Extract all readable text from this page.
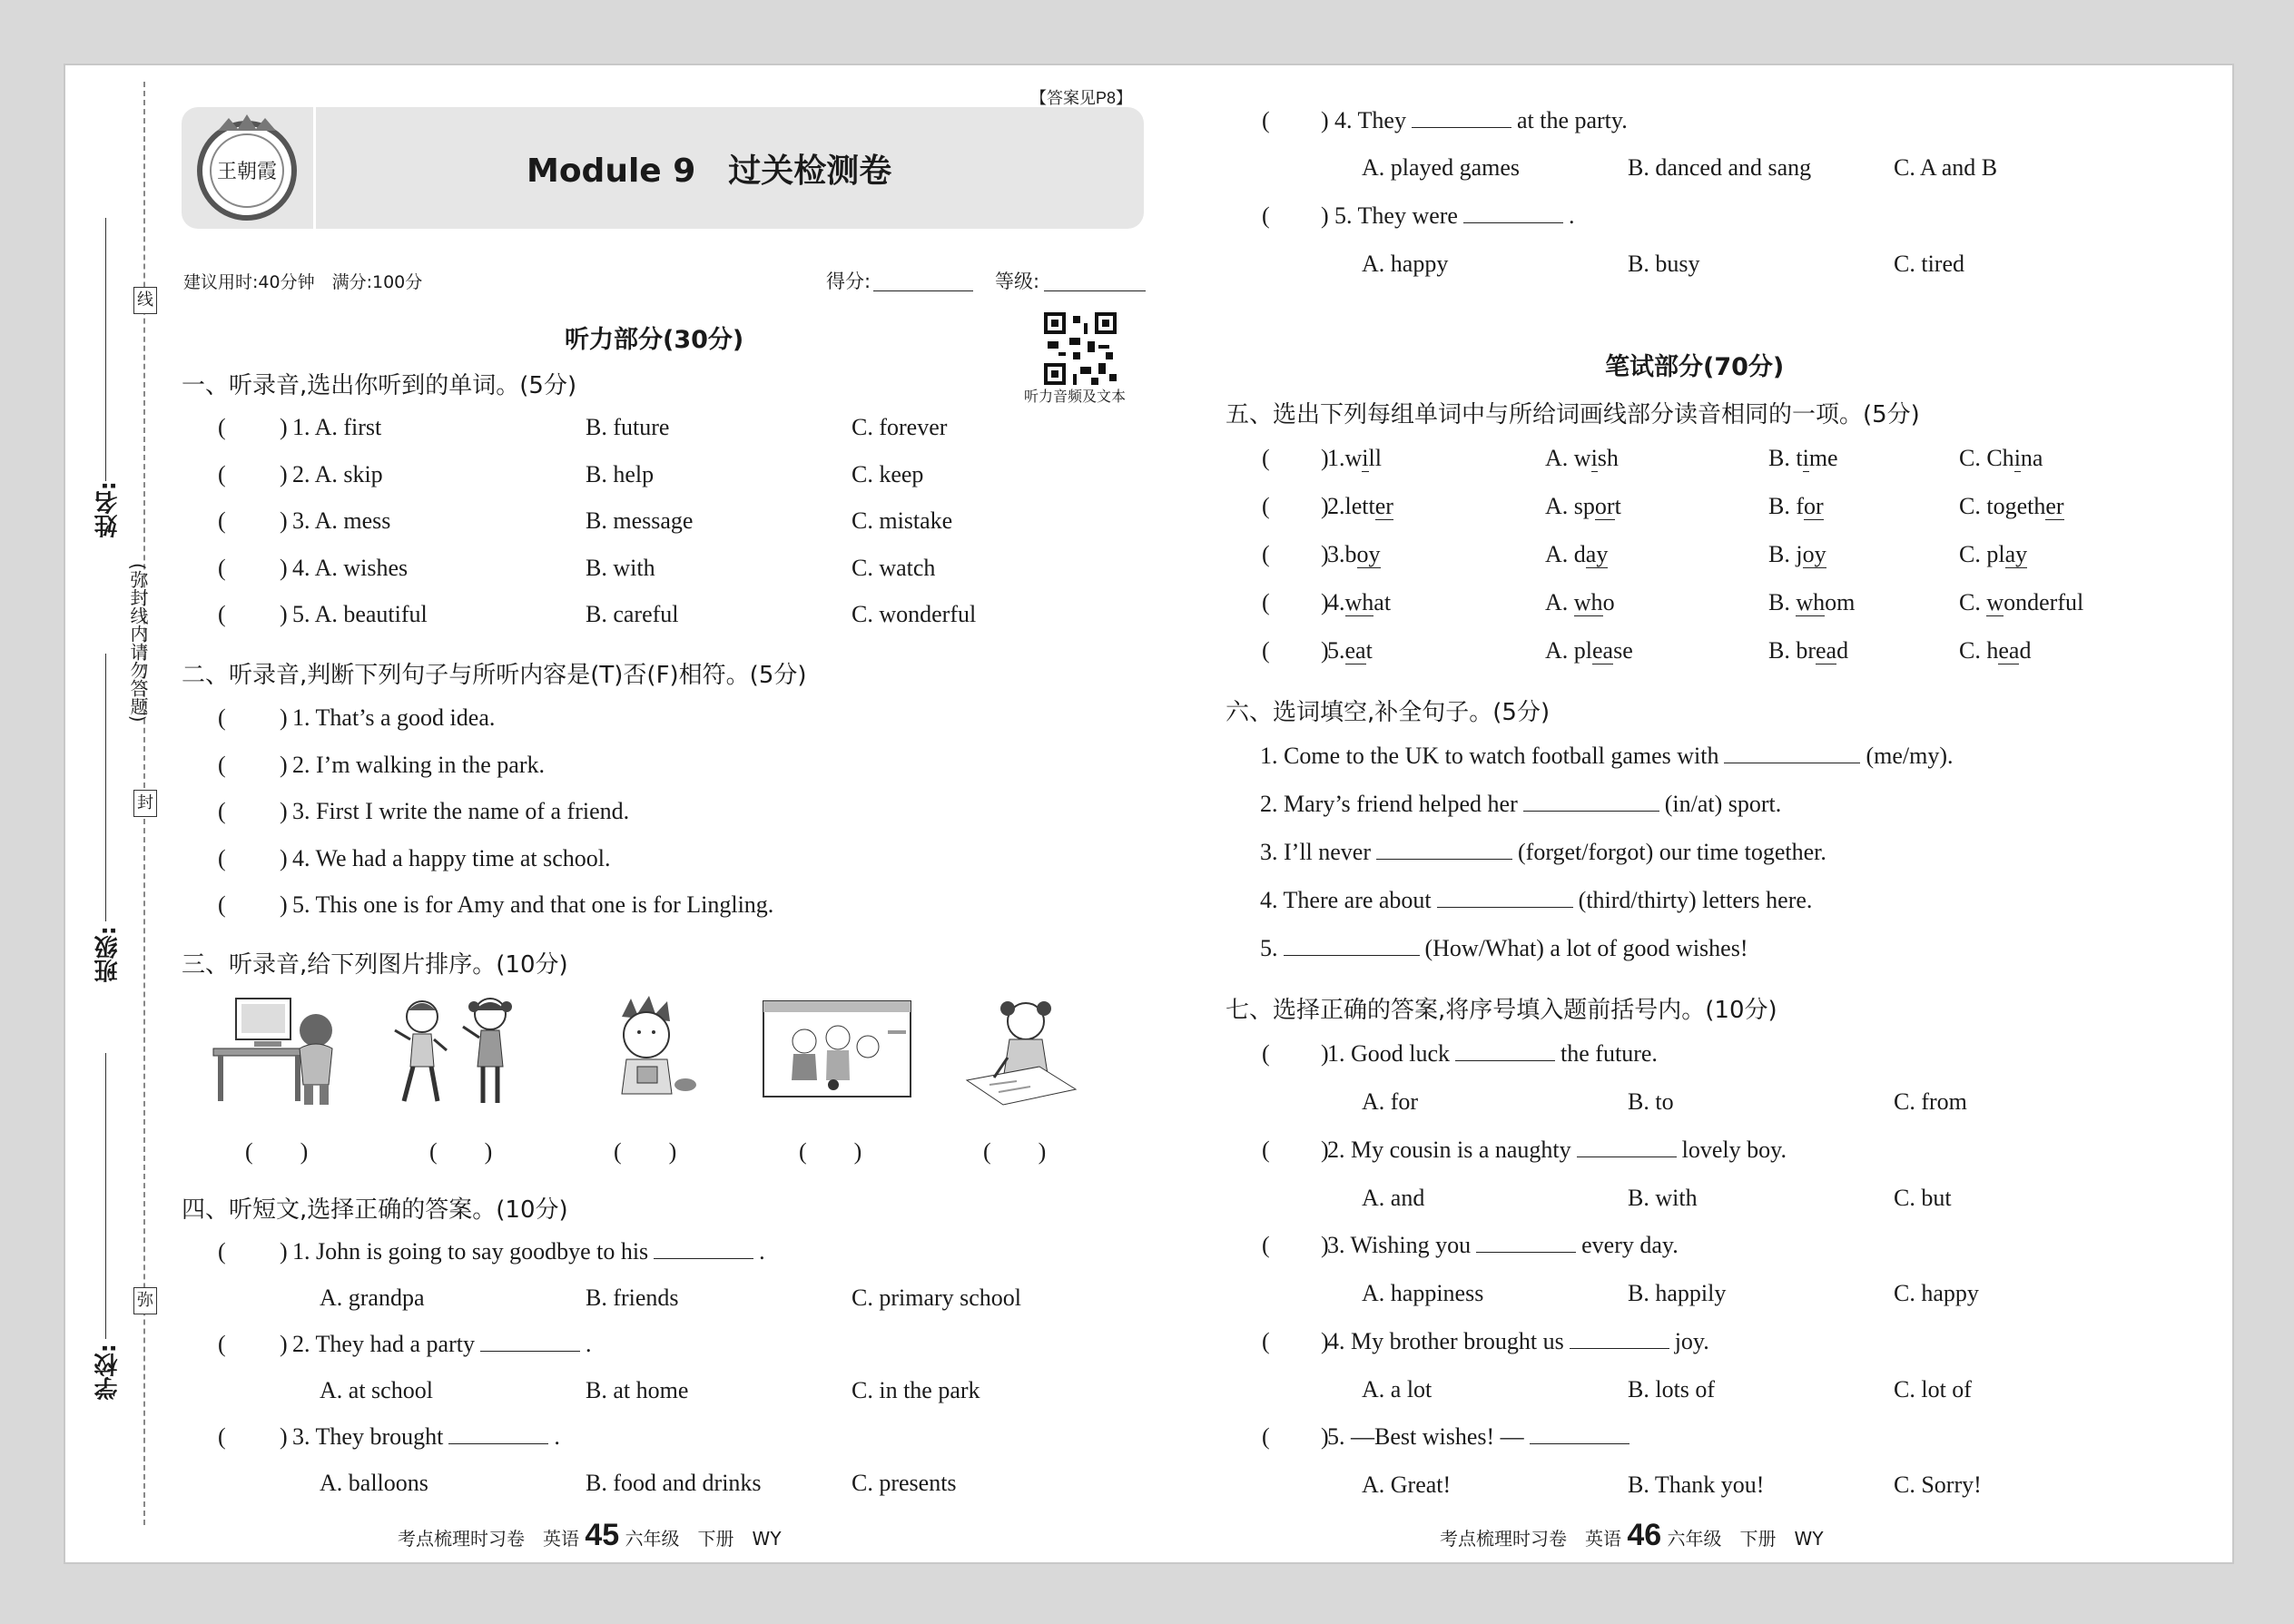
线
封
弥
(弥封线内请勿答题)
姓名:
班级:
学校:
【答案见P8】
王朝霞	Module 9　过关检测卷
建议用时:40分钟　满分:100分	得分:	等级:
听力部分(30分)
听力音频及文本
一、听录音,选出你听到的单词。(5分)
( ) 1. A. first	B. future	C. forever
( ) 2. A. skip	B. help	C. keep
( ) 3. A. mess	B. message	C. mistake
( ) 4. A. wishes	B. with	C. watch
( ) 5. A. beautiful	B. careful	C. wonderful
二、听录音,判断下列句子与所听内容是(T)否(F)相符。(5分)
( ) 1. That’s a good idea.
( ) 2. I’m walking in the park.
( ) 3. First I write the name of a friend.
( ) 4. We had a happy time at school.
( ) 5. This one is for Amy and that one is for Lingling.
三、听录音,给下列图片排序。(10分)
(　　)	(　　)	(　　)	(　　)	(　　)
四、听短文,选择正确的答案。(10分)
( ) 1. John is going to say goodbye to his	.
A. grandpa	B. friends	C. primary school
( ) 2. They had a party	.
A. at school	B. at home	C. in the park
( ) 3. They brought	.
A. balloons	B. food and drinks	C. presents
( ) 4. They	at the party.
A. played games	B. danced and sang	C. A and B
( ) 5. They were	.
A. happy	B. busy	C. tired
笔试部分(70分)
五、选出下列每组单词中与所给词画线部分读音相同的一项。(5分)
( )
1.will	A. wish	B. time	C. China
( )
2.letter	A. sport	B. for	C. together
( )
3.boy	A. day	B. joy	C. play
( )
4.what	A. who	B. whom	C. wonderful
( )
5.eat	A. please	B. bread	C. head
六、选词填空,补全句子。(5分)
1. Come to the UK to watch football games with	(me/my).
2. Mary’s friend helped her	(in/at) sport.
3. I’ll never	(forget/forgot) our time together.
4. There are about	(third/thirty) letters here.
5.	(How/What) a lot of good wishes!
七、选择正确的答案,将序号填入题前括号内。(10分)
( )
1. Good luck	the future.
A. for	B. to	C. from
( )
2. My cousin is a naughty	lovely boy.
A. and	B. with	C. but
( )
3. Wishing you	every day.
A. happiness	B. happily	C. happy
( )
4. My brother brought us	joy.
A. a lot	B. lots of	C. lot of
( )
5. —Best wishes! —
A. Great!	B. Thank you!	C. Sorry!
考点梳理时习卷　英语 45 六年级　下册　WY	考点梳理时习卷　英语 46 六年级　下册　WY
